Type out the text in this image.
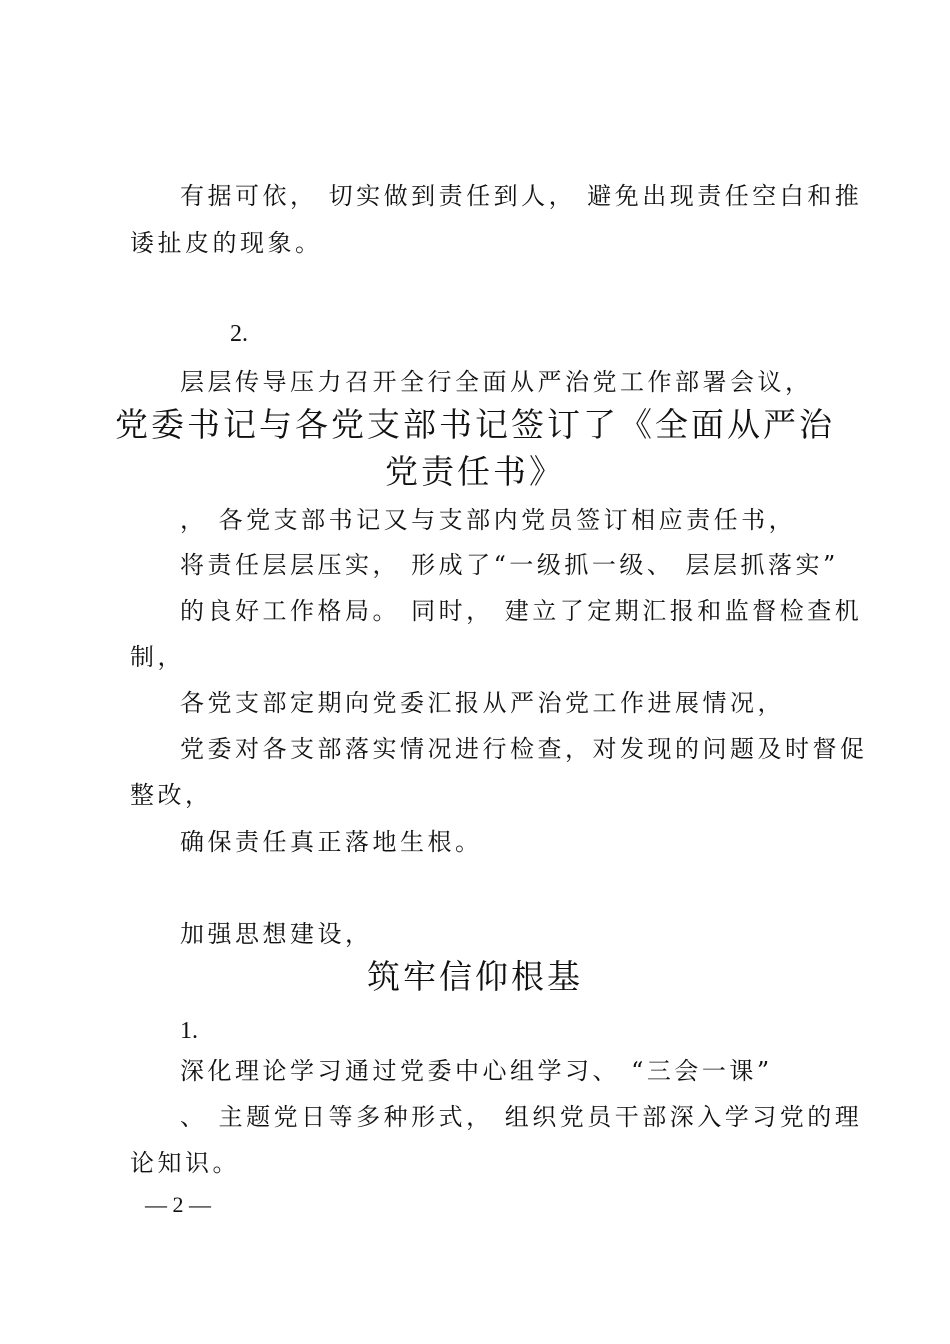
有据可依， 切实做到责任到人， 避免出现责任空白和推
诿扯皮的现象。
2.
层层传导压力召开全行全面从严治党工作部署会议，
党委书记与各党支部书记签订了《全面从严治
党责任书》
， 各党支部书记又与支部内党员签订相应责任书，
将责任层层压实， 形成了“一级抓一级、 层层抓落实”
的良好工作格局。 同时， 建立了定期汇报和监督检查机
制，
各党支部定期向党委汇报从严治党工作进展情况，
党委对各支部落实情况进行检查，对发现的问题及时督促
整改，
确保责任真正落地生根。
加强思想建设，
筑牢信仰根基
1.
深化理论学习通过党委中心组学习、 “三会一课”
、 主题党日等多种形式， 组织党员干部深入学习党的理
论知识。
— 2 —
